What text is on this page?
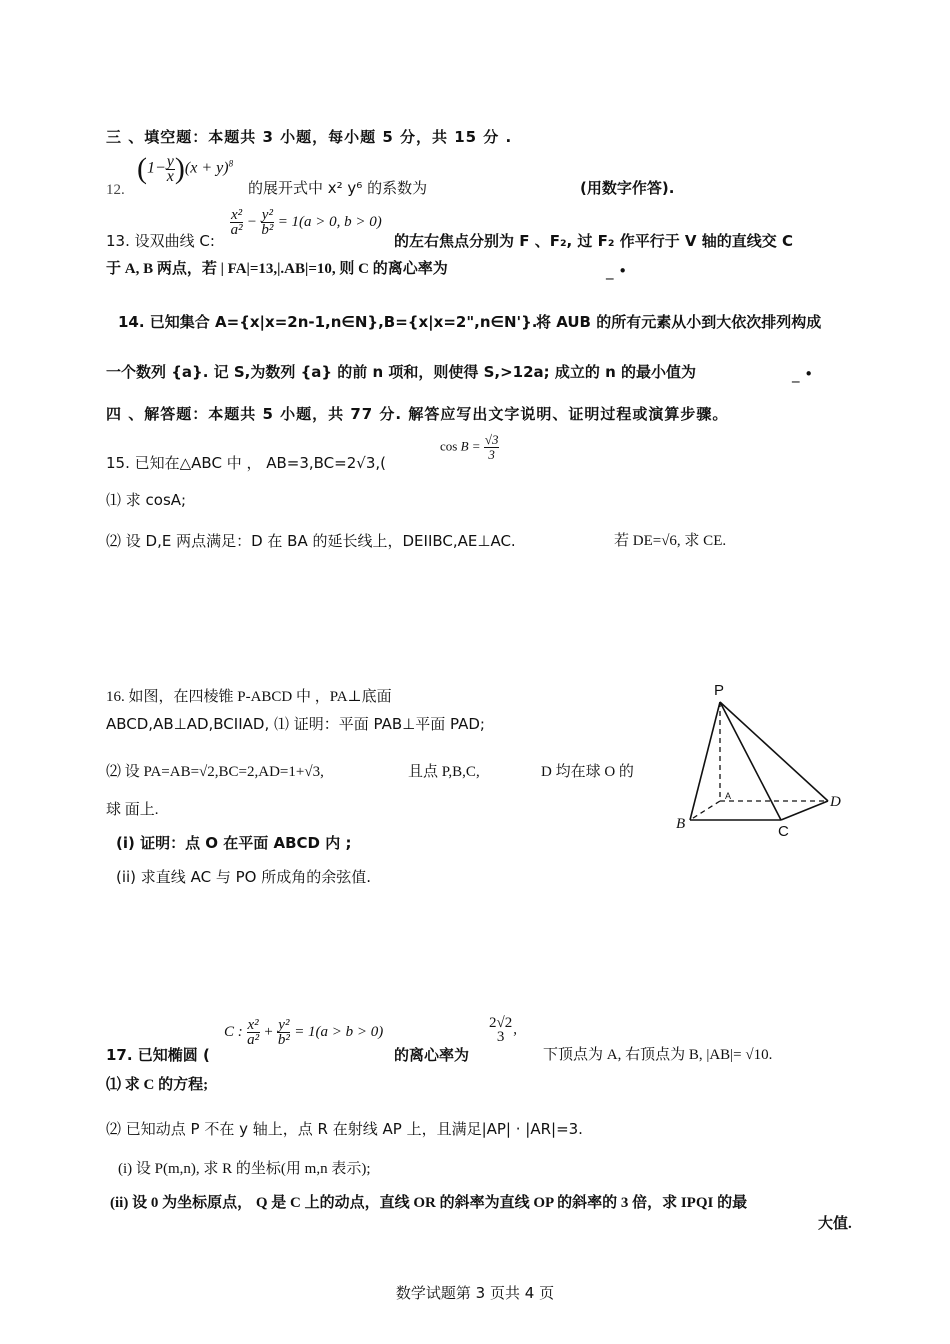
三 、填空题：本题共 3 小题，每小题 5 分，共 15 分 .
12.
$(1- \frac{y}{x} )(x + y)^8$
的展开式中 x² y⁶ 的系数为	(用数字作答).
13. 设双曲线 C:
$\frac{\text{x²}}{\text{a²}} - \frac{\text{y²}}{\text{b²}} = 1(a > 0$, b > 0)
的左右焦点分别为 F 、F₂, 过 F₂ 作平行于 V 轴的直线交 C
于 A, B 两点，若 | FA|=13,|.AB|=10, 则 C 的离心率为	_ •
14. 已知集合 A={x|x=2n-1,n∈N},B={x|x=2",n∈N'}.
将 AUB 的所有元素从小到大依次排列构成
一个数列 {a}. 记 S,为数列 {a} 的前 n 项和，则使得 S,>12a; 成立的 n 的最小值为	_ •
四 、解答题：本题共 5 小题，共 77 分. 解答应写出文字说明、证明过程或演算步骤。
15. 已知在△ABC 中 ， AB=3,BC=2√3,(
$\cos B = \frac{√3}{3}$
⑴ 求 cosA;
⑵ 设 D,E 两点满足：D 在 BA 的延长线上，DEIIBC,AE⊥AC.	若 DE=√6, 求 CE.
16. 如图，在四棱锥 P-ABCD 中 ，PA⊥底面
ABCD,AB⊥AD,BCIIAD, ⑴ 证明：平面 PAB⊥平面 PAD;
⑵ 设 PA=AB=√2,BC=2,AD=1+√3,	且点 P,B,C,	D 均在球 O 的
球 面上.
(i) 证明：点 O 在平面 ABCD 内 ;
(ii) 求直线 AC 与 PO 所成角的余弦值.
P
A
B	C
D
17. 已知椭圆 (
C : $\frac{\text{x²}}{\text{a²}} + \frac{\text{y²}}{\text{b²}} = 1(a > b > 0)$
的离心率为
2√2
3 ,
下顶点为 A, 右顶点为 B, |AB|= √10.
⑴ 求 C 的方程;
⑵ 已知动点 P 不在 y 轴上，点 R 在射线 AP 上，且满足|AP| · |AR|=3.
(i) 设 P(m,n), 求 R 的坐标(用 m,n 表示);
(ii) 设 0 为坐标原点， Q 是 C 上的动点，直线 OR 的斜率为直线 OP 的斜率的 3 倍，求 IPQI 的最
大值.
数学试题第 3 页共 4 页
